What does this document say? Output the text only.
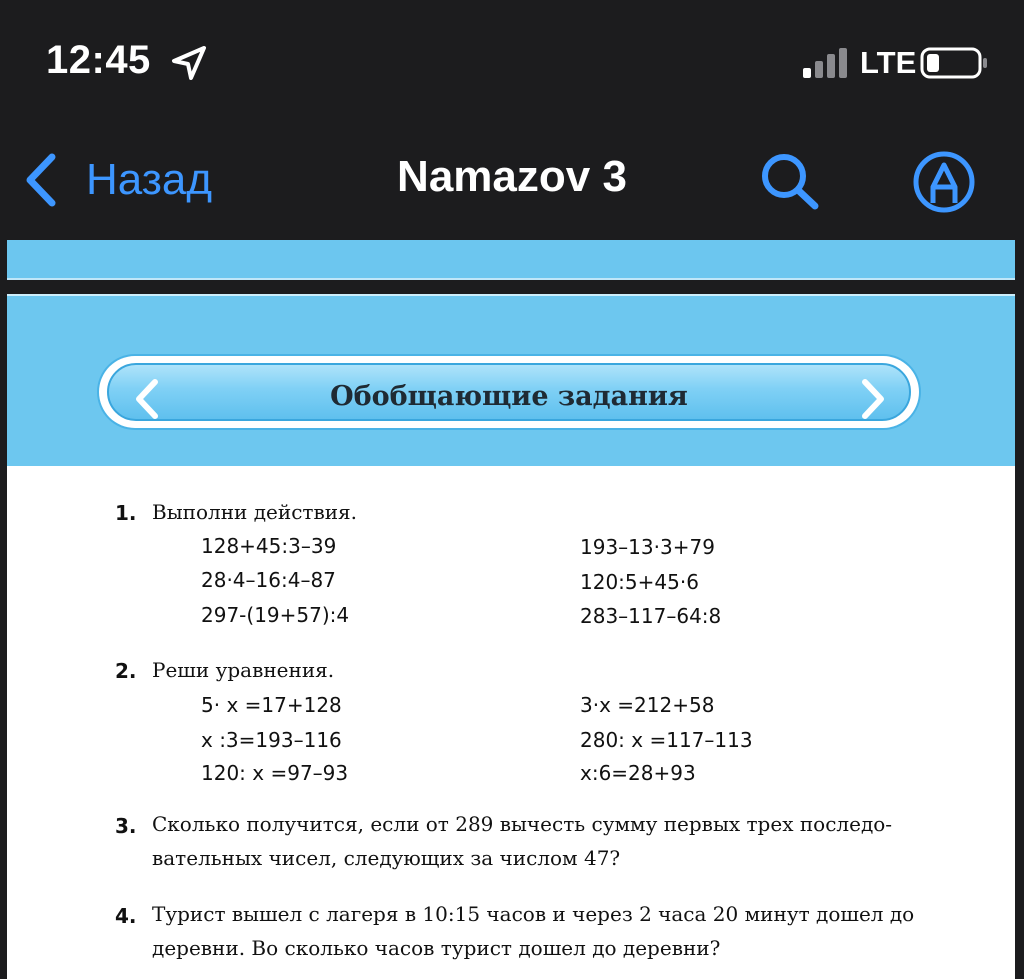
12:45	LTE
Назад	Namazov 3
Обобщающие задания
1. Выполни действия.
128+45:3–39
28·4–16:4–87
297-(19+57):4
193–13·3+79
120:5+45·6
283–117–64:8
2. Реши уравнения.
5· x =17+128
x :3=193–116
120: x =97–93
3·x =212+58
280: x =117–113
x:6=28+93
3. Сколько получится, если от 289 вычесть сумму первых трех последо-
вательных чисел, следующих за числом 47?
4. Турист вышел с лагеря в 10:15 часов и через 2 часа 20 минут дошел до
деревни. Во сколько часов турист дошел до деревни?
